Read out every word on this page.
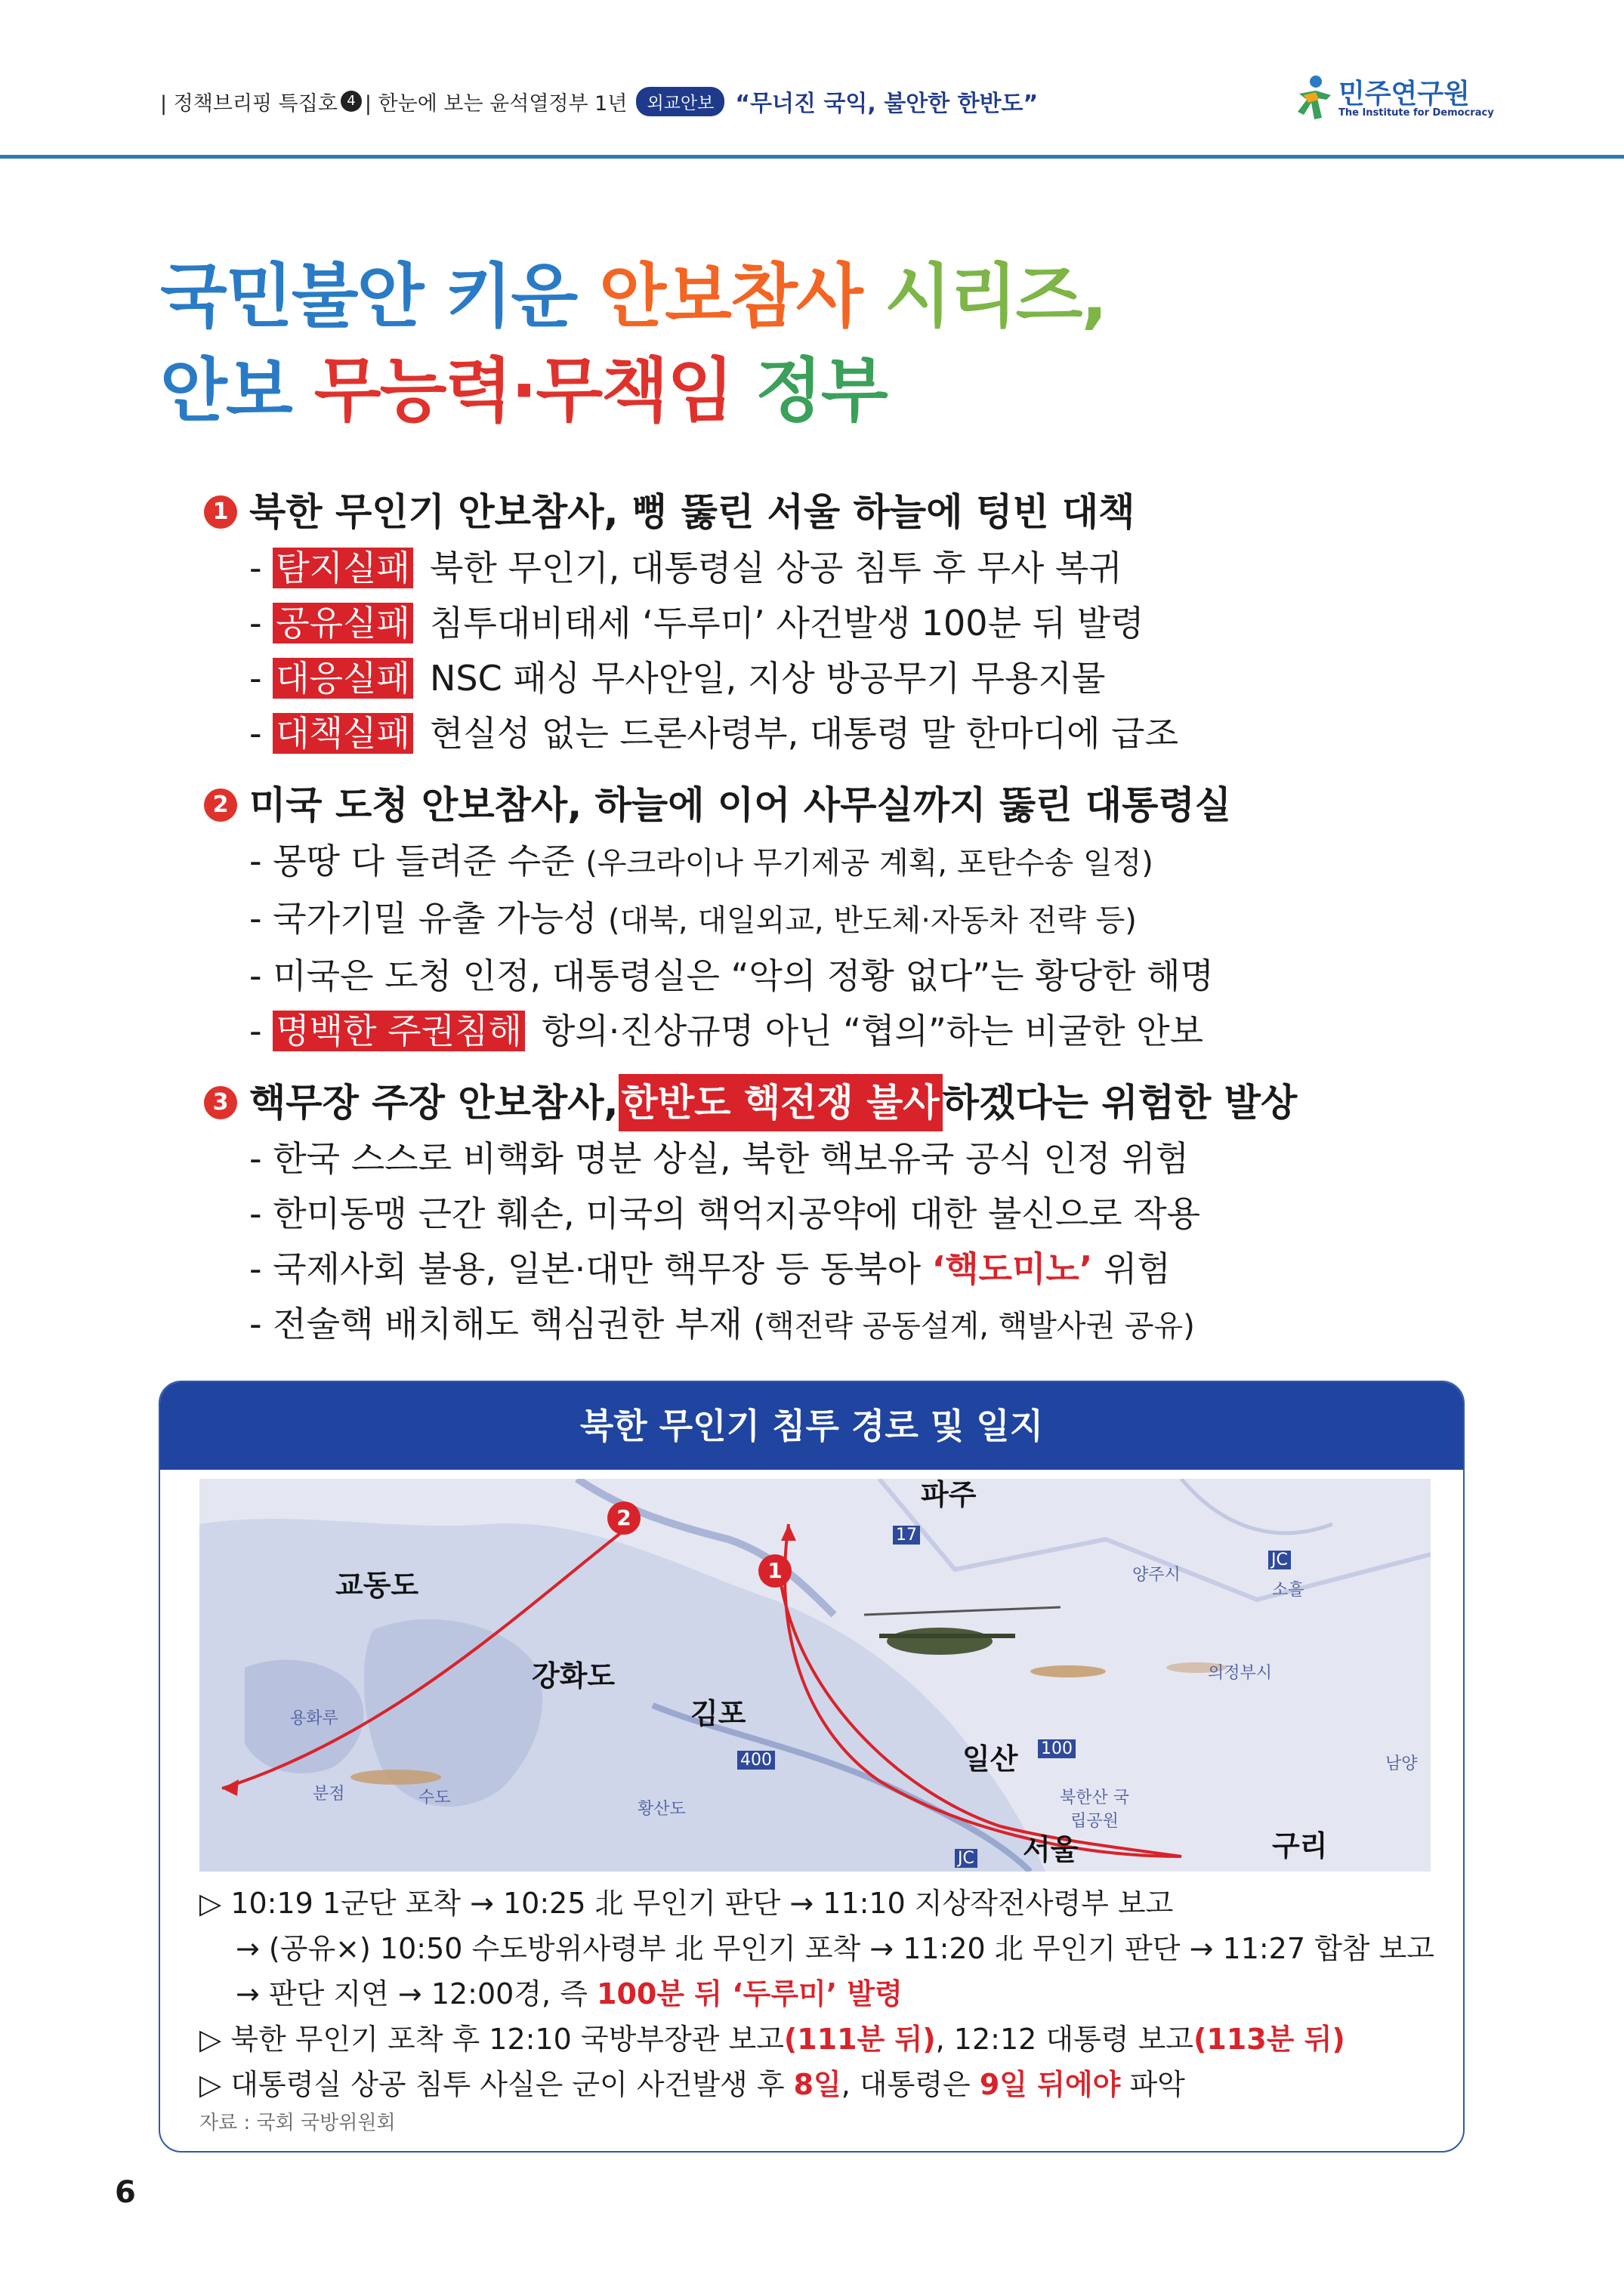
| 정책브리핑 특집호 4 | 한눈에 보는 윤석열정부 1년	외교안보 “무너진 국익, 불안한 한반도”	민주연구원
The Institute for Democracy
국민불안 키운 안보참사 시리즈,
안보 무능력·무책임 정부
1 북한 무인기 안보참사, 뻥 뚫린 서울 하늘에 텅빈 대책
- 탐지실패 북한 무인기, 대통령실 상공 침투 후 무사 복귀
- 공유실패 침투대비태세 ‘두루미’ 사건발생 100분 뒤 발령
- 대응실패 NSC 패싱 무사안일, 지상 방공무기 무용지물
- 대책실패 현실성 없는 드론사령부, 대통령 말 한마디에 급조
2 미국 도청 안보참사, 하늘에 이어 사무실까지 뚫린 대통령실
- 몽땅 다 들려준 수준 (우크라이나 무기제공 계획, 포탄수송 일정)
- 국가기밀 유출 가능성 (대북, 대일외교, 반도체·자동차 전략 등)
- 미국은 도청 인정, 대통령실은 “악의 정황 없다”는 황당한 해명
- 명백한 주권침해 항의·진상규명 아닌 “협의”하는 비굴한 안보
3 핵무장 주장 안보참사, 한반도 핵전쟁 불사 하겠다는 위험한 발상
- 한국 스스로 비핵화 명분 상실, 북한 핵보유국 공식 인정 위험
- 한미동맹 근간 훼손, 미국의 핵억지공약에 대한 불신으로 작용
- 국제사회 불용, 일본·대만 핵무장 등 동북아 ‘핵도미노’ 위험
- 전술핵 배치해도 핵심권한 부재 (핵전략 공동설계, 핵발사권 공유)
북한 무인기 침투 경로 및 일지
파주
교동도
강화도
김포
일산
서울	구리
양주시
의정부시
남양
소흘
용화루
분점	수도
황산도
북한산 국립공원
JC
JC
17
100
400
1
2
▷ 10:19 1군단 포착 → 10:25 北 무인기 판단 → 11:10 지상작전사령부 보고
→ (공유×) 10:50 수도방위사령부 北 무인기 포착 → 11:20 北 무인기 판단 → 11:27 합참 보고
→ 판단 지연 → 12:00경, 즉 100분 뒤 ‘두루미’ 발령
▷ 북한 무인기 포착 후 12:10 국방부장관 보고(111분 뒤), 12:12 대통령 보고(113분 뒤)
▷ 대통령실 상공 침투 사실은 군이 사건발생 후 8일, 대통령은 9일 뒤에야 파악
자료 : 국회 국방위원회
6
